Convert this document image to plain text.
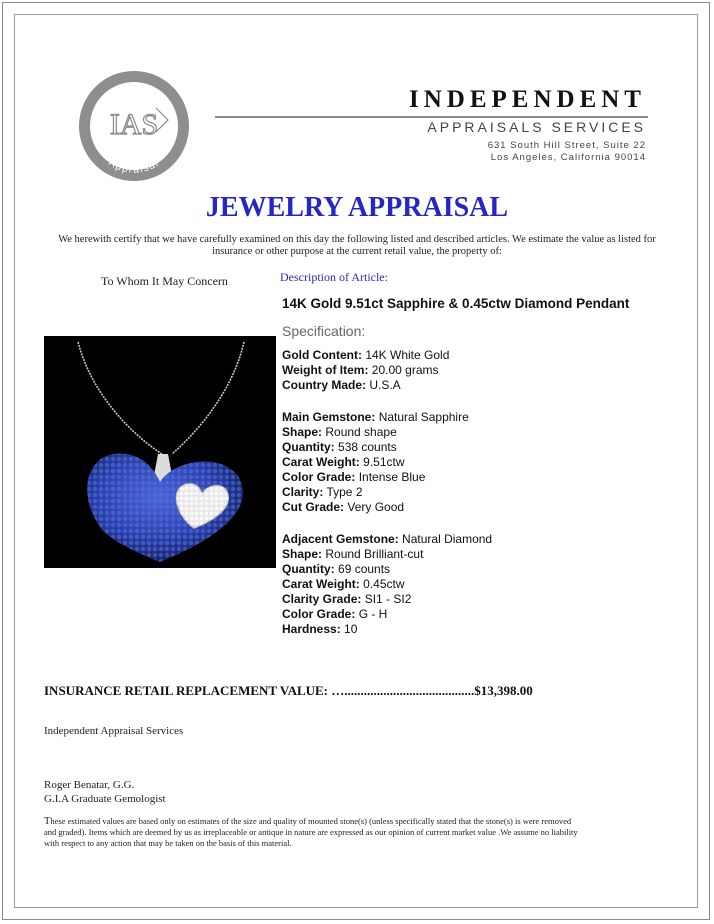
IAS
Appraisal
INDEPENDENT
APPRAISALS SERVICES
631 South Hill Street, Suite 22
Los Angeles, California 90014
JEWELRY APPRAISAL
We herewith certify that we have carefully examined on this day the following listed and described articles. We estimate the value as listed for insurance or other purpose at the current retail value, the property of:
To Whom It May Concern	Description of Article:
14K Gold 9.51ct Sapphire & 0.45ctw Diamond Pendant
Specification:
Gold Content: 14K White Gold
Weight of Item: 20.00 grams
Country Made: U.S.A
Main Gemstone: Natural Sapphire
Shape: Round shape
Quantity: 538 counts
Carat Weight: 9.51ctw
Color Grade: Intense Blue
Clarity: Type 2
Cut Grade: Very Good
Adjacent Gemstone: Natural Diamond
Shape: Round Brilliant-cut
Quantity: 69 counts
Carat Weight: 0.45ctw
Clarity Grade: SI1 - SI2
Color Grade: G - H
Hardness: 10
INSURANCE RETAIL REPLACEMENT VALUE: …........................................$13,398.00
Independent Appraisal Services
Roger Benatar, G.G.
G.I.A Graduate Gemologist
These estimated values are based only on estimates of the size and quality of mounted stone(s) (unless specifically stated that the stone(s) is were removed and graded). Items which are deemed by us as irreplaceable or antique in nature are expressed as our opinion of current market value .We assume no liability with respect to any action that may be taken on the basis of this material.
